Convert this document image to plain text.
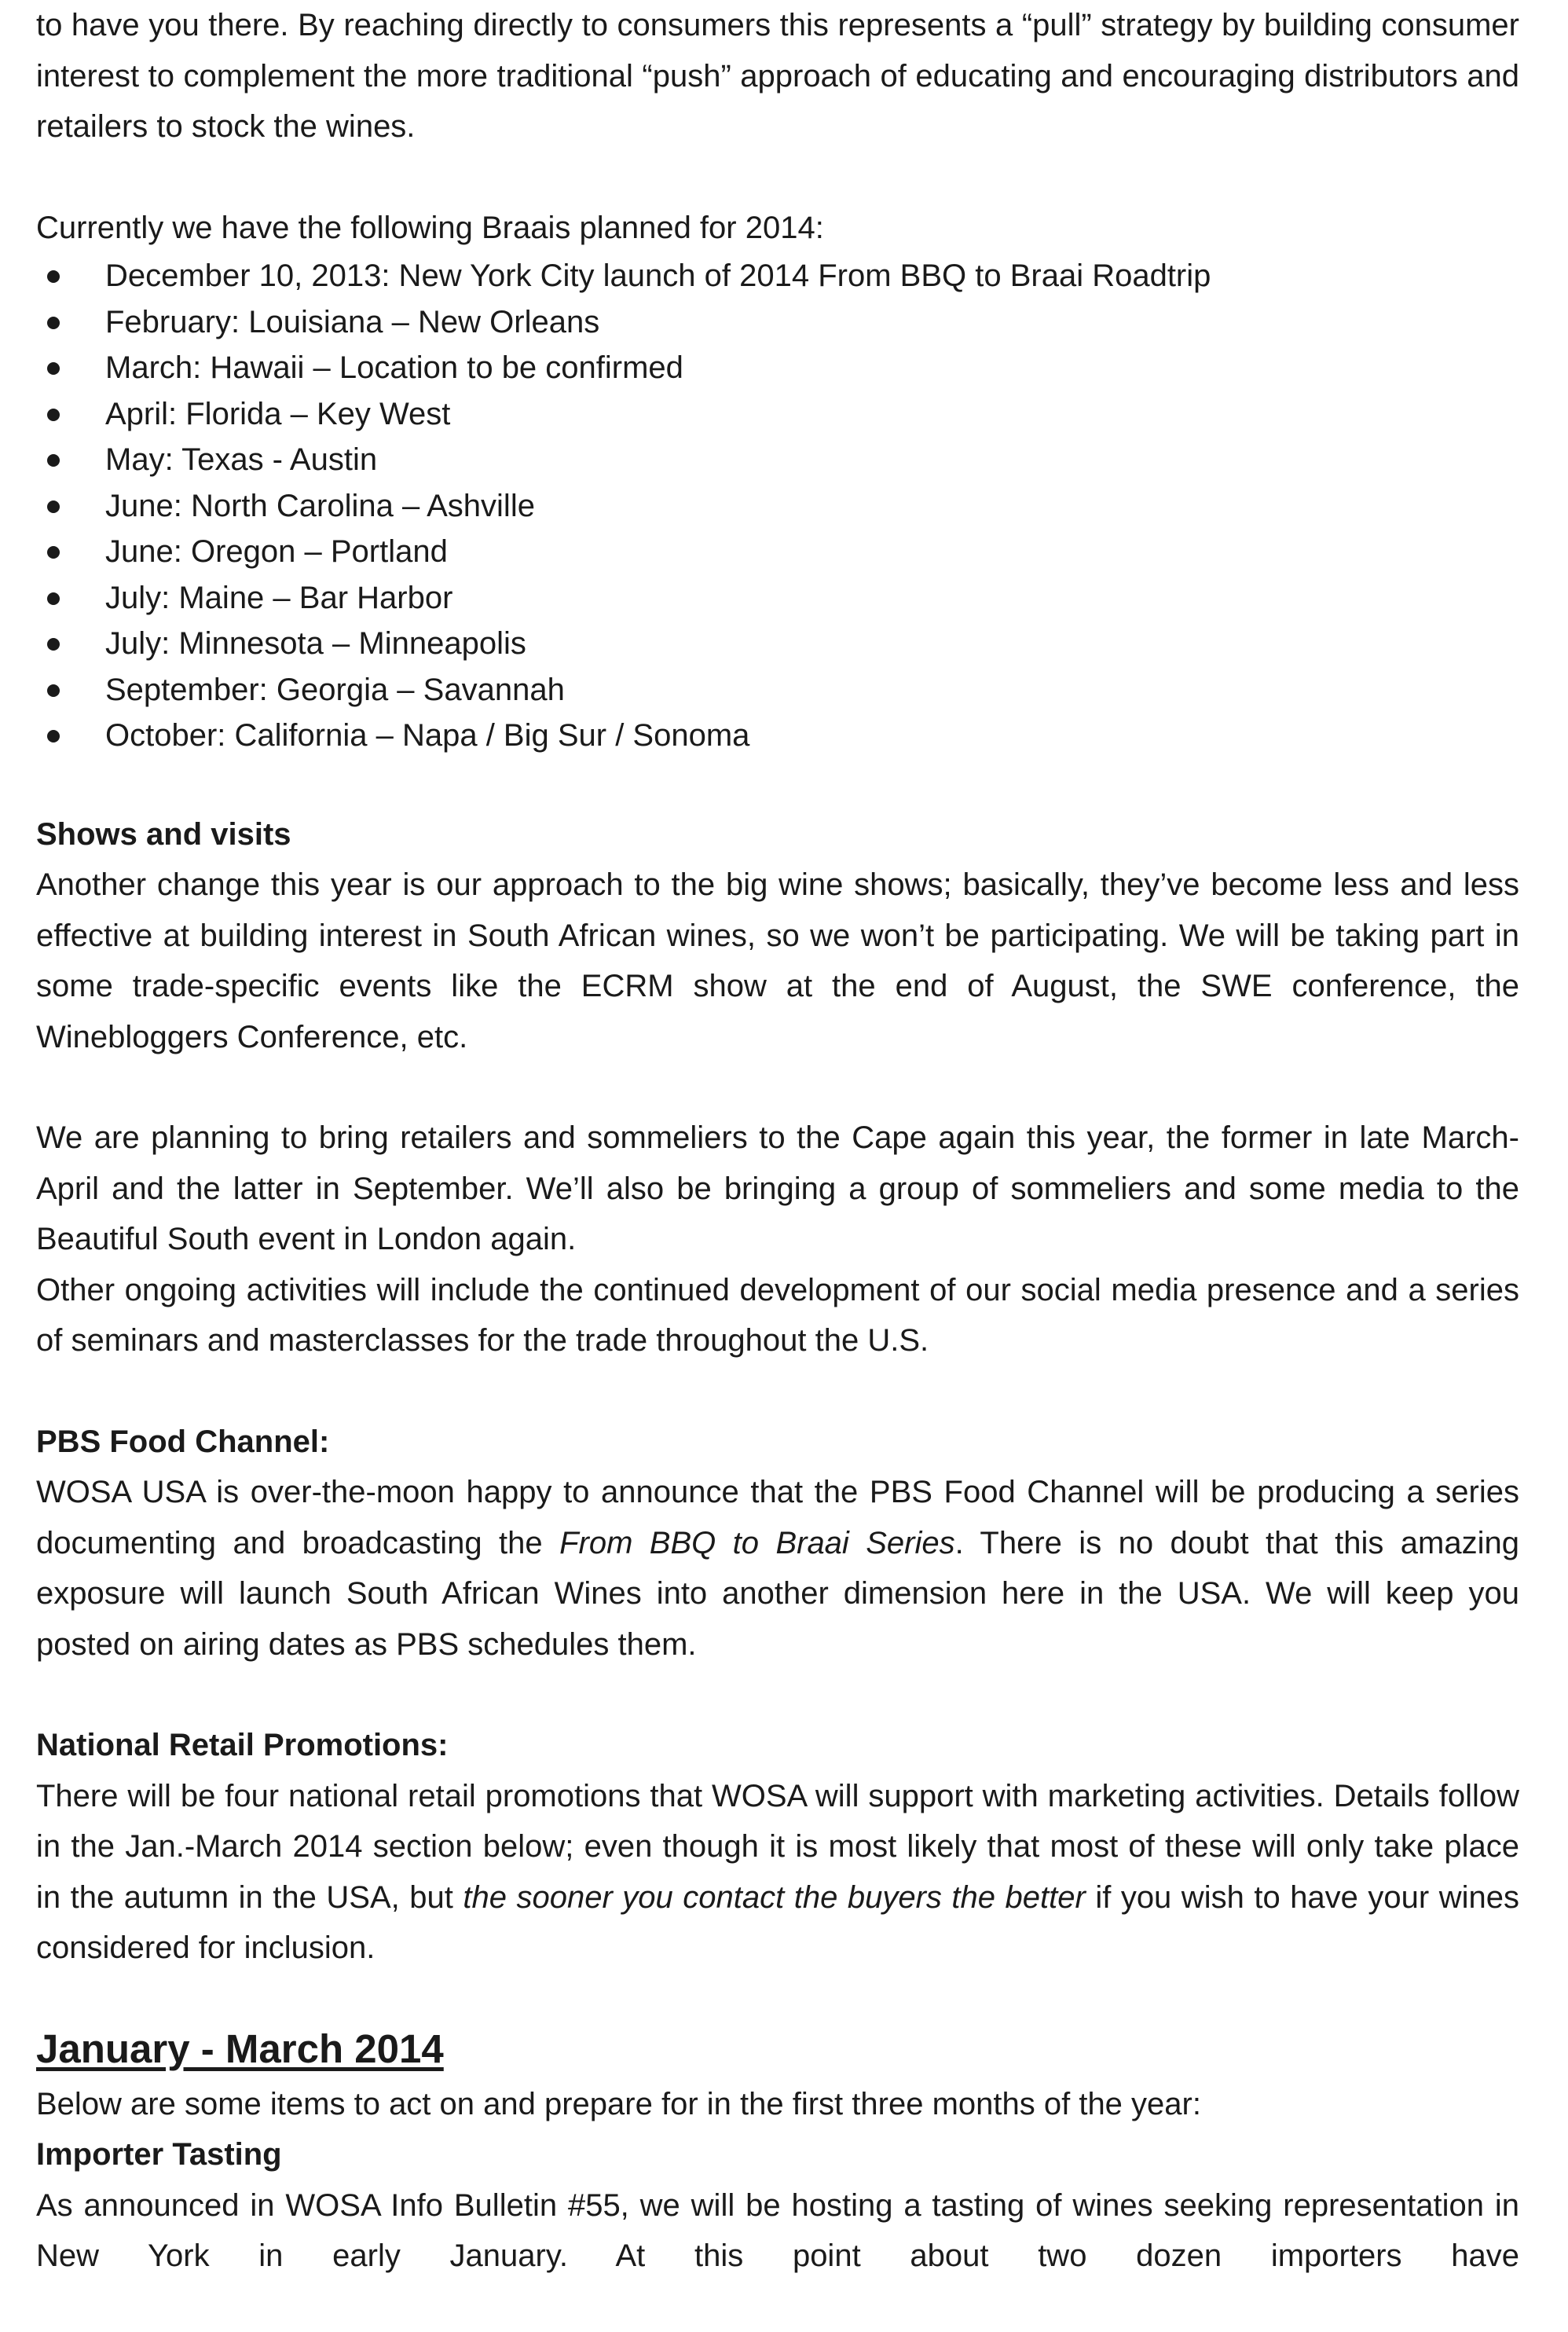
to have you there. By reaching directly to consumers this represents a “pull” strategy by building consumer interest to complement the more traditional “push” approach of educating and encouraging distributors and retailers to stock the wines.

Currently we have the following Braais planned for 2014:

December 10, 2013: New York City launch of 2014 From BBQ to Braai Roadtrip
February: Louisiana – New Orleans
March: Hawaii – Location to be confirmed
April: Florida – Key West
May: Texas - Austin
June: North Carolina – Ashville
June: Oregon – Portland
July: Maine – Bar Harbor
July: Minnesota – Minneapolis
September: Georgia – Savannah
October: California – Napa / Big Sur / Sonoma

Shows and visits

Another change this year is our approach to the big wine shows; basically, they’ve become less and less effective at building interest in South African wines, so we won’t be participating. We will be taking part in some trade-specific events like the ECRM show at the end of August, the SWE conference, the Winebloggers Conference, etc.

We are planning to bring retailers and sommeliers to the Cape again this year, the former in late March-April and the latter in September. We’ll also be bringing a group of sommeliers and some media to the Beautiful South event in London again.

Other ongoing activities will include the continued development of our social media presence and a series of seminars and masterclasses for the trade throughout the U.S.

PBS Food Channel:

WOSA USA is over-the-moon happy to announce that the PBS Food Channel will be producing a series documenting and broadcasting the From BBQ to Braai Series. There is no doubt that this amazing exposure will launch South African Wines into another dimension here in the USA. We will keep you posted on airing dates as PBS schedules them.

National Retail Promotions:

There will be four national retail promotions that WOSA will support with marketing activities. Details follow in the Jan.-March 2014 section below; even though it is most likely that most of these will only take place in the autumn in the USA, but the sooner you contact the buyers the better if you wish to have your wines considered for inclusion.

January - March 2014

Below are some items to act on and prepare for in the first three months of the year:

Importer Tasting

As announced in WOSA Info Bulletin #55, we will be hosting a tasting of wines seeking representation in New York in early January. At this point about two dozen importers have
